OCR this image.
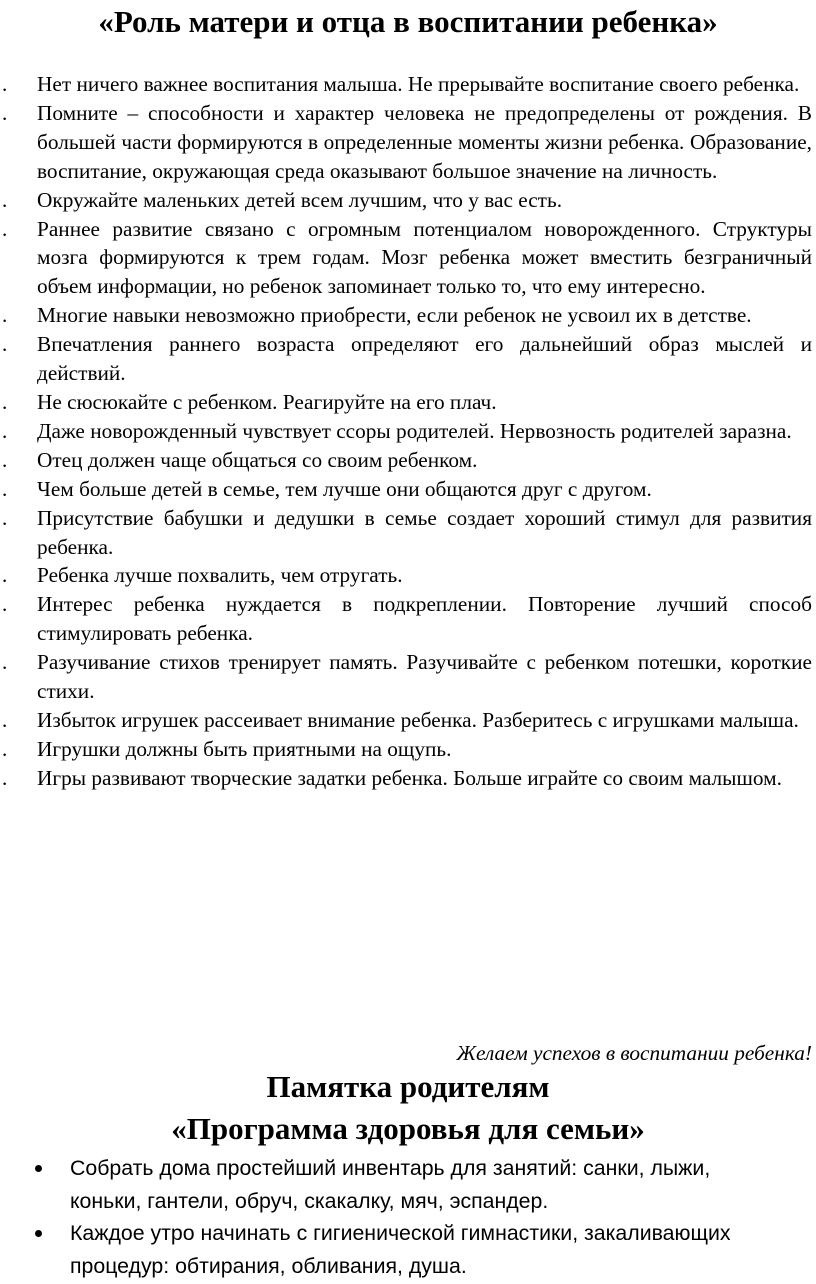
«Роль матери и отца в воспитании ребенка»
. Нет ничего важнее воспитания малыша. Не прерывайте воспитание своего ребенка.
. Помните – способности и характер человека не предопределены от рождения. В большей части формируются в определенные моменты жизни ребенка. Образование, воспитание, окружающая среда оказывают большое значение на личность.
. Окружайте маленьких детей всем лучшим, что у вас есть.
. Раннее развитие связано с огромным потенциалом новорожденного. Структуры мозга формируются к трем годам. Мозг ребенка может вместить безграничный объем информации, но ребенок запоминает только то, что ему интересно.
. Многие навыки невозможно приобрести, если ребенок не усвоил их в детстве.
. Впечатления раннего возраста определяют его дальнейший образ мыслей и действий.
. Не сюсюкайте с ребенком. Реагируйте на его плач.
. Даже новорожденный чувствует ссоры родителей. Нервозность родителей заразна.
. Отец должен чаще общаться со своим ребенком.
. Чем больше детей в семье, тем лучше они общаются друг с другом.
. Присутствие бабушки и дедушки в семье создает хороший стимул для развития ребенка.
. Ребенка лучше похвалить, чем отругать.
. Интерес ребенка нуждается в подкреплении. Повторение лучший способ стимулировать ребенка.
. Разучивание стихов тренирует память. Разучивайте с ребенком потешки, короткие стихи.
. Избыток игрушек рассеивает внимание ребенка. Разберитесь с игрушками малыша.
. Игрушки должны быть приятными на ощупь.
. Игры развивают творческие задатки ребенка. Больше играйте со своим малышом.
Желаем успехов в воспитании ребенка!
Памятка родителям
«Программа здоровья для семьи»
Собрать дома простейший инвентарь для занятий: санки, лыжи, коньки, гантели, обруч, скакалку, мяч, эспандер.
Каждое утро начинать с гигиенической гимнастики, закаливающих процедур: обтирания, обливания, душа.
